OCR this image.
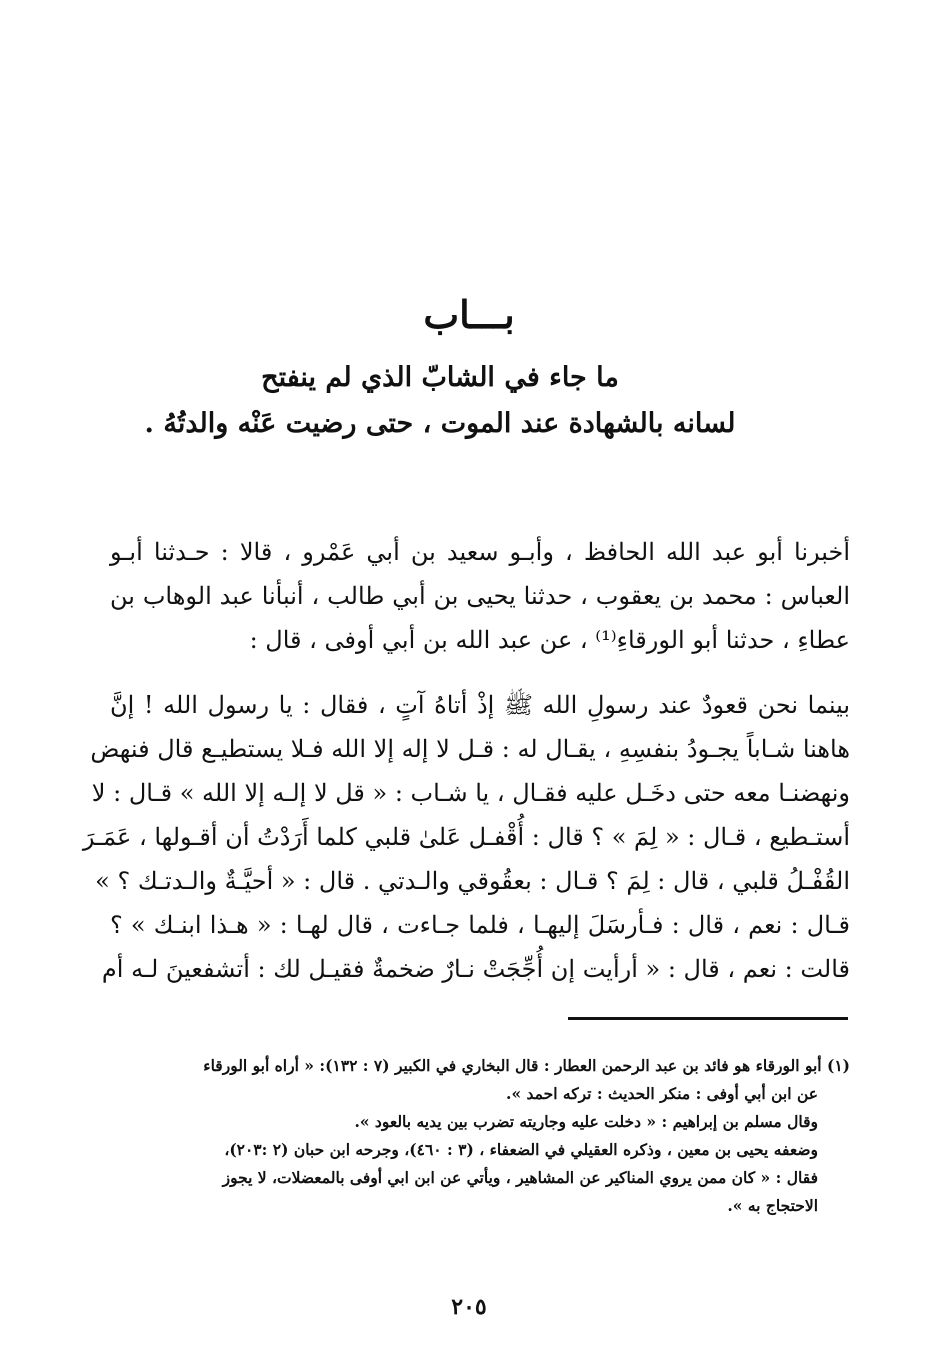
بـــاب
ما جاء في الشابّ الذي لم ينفتح
لسانه بالشهادة عند الموت ، حتى رضيت عَنْه والدتُهُ .
أخبرنا أبو عبد الله الحافظ ، وأبـو سعيد بن أبي عَمْرو ، قالا : حـدثنا أبـو
العباس : محمد بن يعقوب ، حدثنا يحيى بن أبي طالب ، أنبأنا عبد الوهاب بن
عطاءِ ، حدثنا أبو الورقاءِ⁽¹⁾ ، عن عبد الله بن أبي أوفى ، قال :
بينما نحن قعودٌ عند رسولِ الله ﷺ إذْ أتاهُ آتٍ ، فقال : يا رسول الله ! إنَّ
هاهنا شـاباً يجـودُ بنفسِهِ ، يقـال له : قـل لا إله إلا الله فـلا يستطيـع قال فنهض
ونهضنـا معه حتى دخَـل عليه فقـال ، يا شـاب : « قل لا إلـه إلا الله » قـال : لا
أستـطيع ، قـال : « لِمَ » ؟ قال : أُقْفـل عَلىٰ قلبي كلما أَرَدْتُ أن أقـولها ، عَمَـرَ
القُفْـلُ قلبي ، قال : لِمَ ؟ قـال : بعقُوقي والـدتي . قال : « أحيَّـةٌ والـدتـك ؟ »
قـال : نعم ، قال : فـأرسَلَ إليهـا ، فلما جـاءت ، قال لهـا : « هـذا ابنـك » ؟
قالت : نعم ، قال : « أرأيت إن أُجِّجَتْ نـارٌ ضخمةٌ فقيـل لك : أتشفعينَ لـه أم
(١) أبو الورقاء هو فائد بن عبد الرحمن العطار : قال البخاري في الكبير (٧ : ١٣٢): « أراه أبو الورقاء
عن ابن أبي أوفى : منكر الحديث : تركه احمد ».
وقال مسلم بن إبراهيم : « دخلت عليه وجاريته تضرب بين يديه بالعود ».
وضعفه يحيى بن معين ، وذكره العقيلي في الضعفاء ، (٣ : ٤٦٠)، وجرحه ابن حبان (٢ :٢٠٣)،
فقال : « كان ممن يروي المناكير عن المشاهير ، ويأتي عن ابن ابي أوفى بالمعضلات، لا يجوز
الاحتجاج به ».
٢٠٥
